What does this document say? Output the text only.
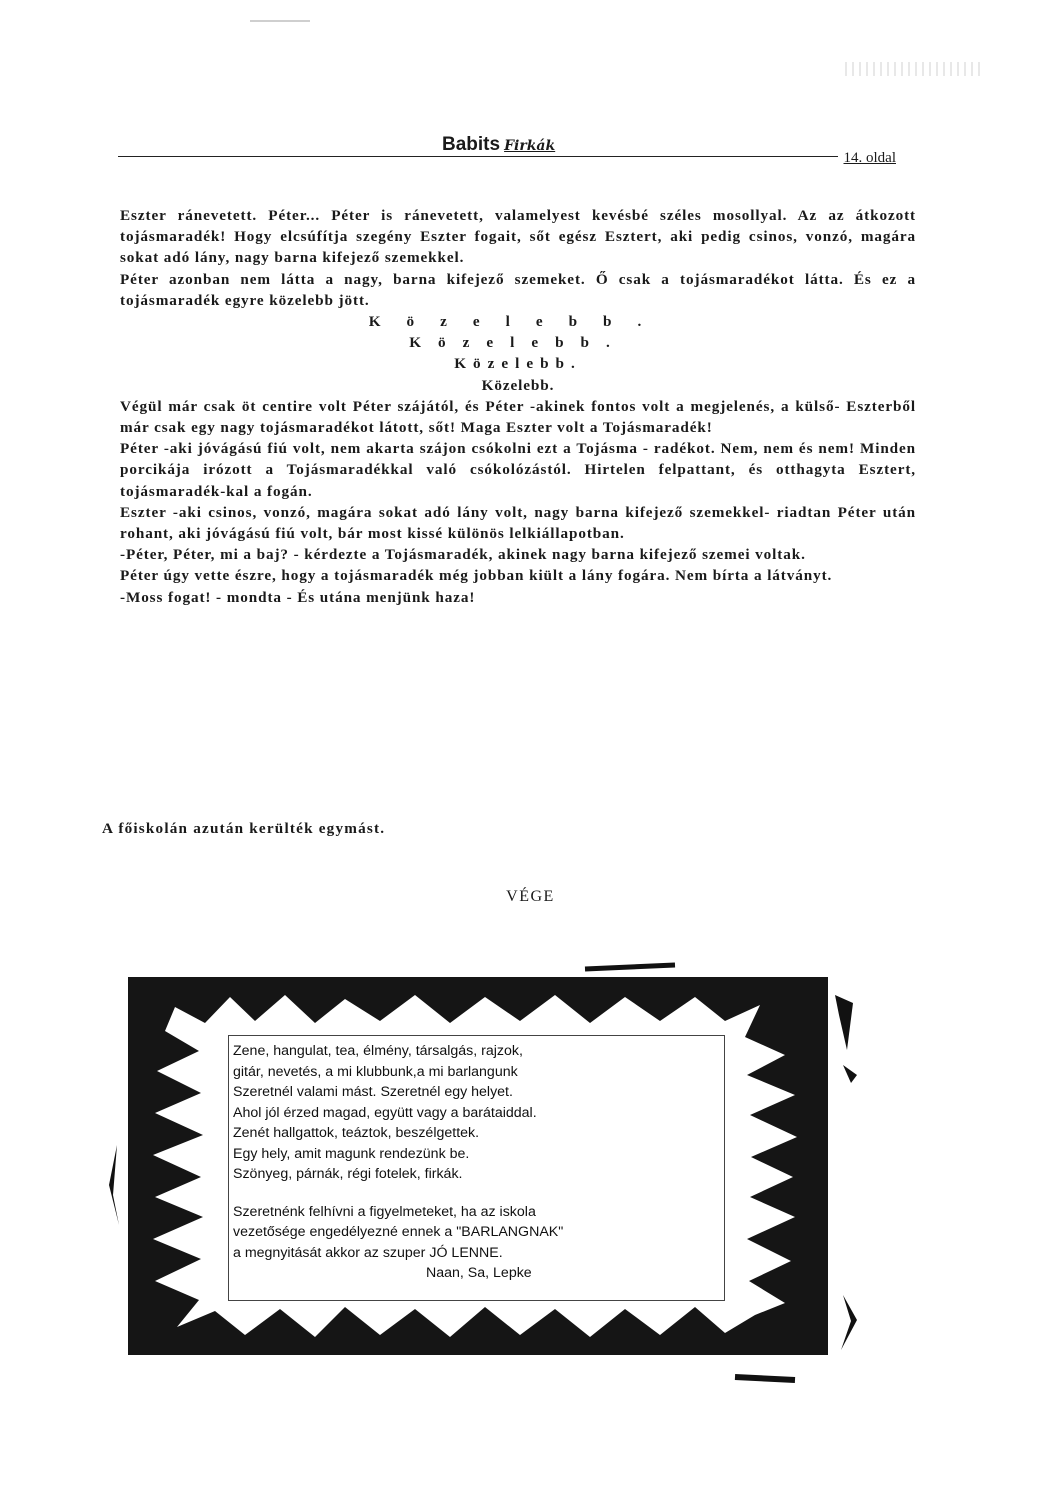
Babits Firkák
14. oldal

Eszter ránevetett. Péter... Péter is ránevetett, valamelyest kevésbé széles mosollyal. Az az átkozott tojásmaradék! Hogy elcsúfítja szegény Eszter fogait, sőt egész Esztert, aki pedig csinos, vonzó, magára sokat adó lány, nagy barna kifejező szemekkel.

Péter azonban nem látta a nagy, barna kifejező szemeket. Ő csak a tojásmaradékot látta. És ez a tojásmaradék egyre közelebb jött.

Közelebb.

Közelebb.

Közelebb.

Közelebb.

Végül már csak öt centire volt Péter szájától, és Péter -akinek fontos volt a megjelenés, a külső- Eszterből már csak egy nagy tojásmaradékot látott, sőt! Maga Eszter volt a Tojásmaradék!

Péter -aki jóvágású fiú volt, nem akarta szájon csókolni ezt a Tojásma - radékot. Nem, nem és nem! Minden porcikája irózott a Tojásmaradékkal való csókolózástól. Hirtelen felpattant, és otthagyta Esztert, tojásmaradék-kal a fogán.

Eszter -aki csinos, vonzó, magára sokat adó lány volt, nagy barna kifejező szemekkel- riadtan Péter után rohant, aki jóvágású fiú volt, bár most kissé különös lelkiállapotban.

-Péter, Péter, mi a baj? - kérdezte a Tojásmaradék, akinek nagy barna kifejező szemei voltak.

Péter úgy vette észre, hogy a tojásmaradék még jobban kiült a lány fogára. Nem bírta a látványt.

-Moss fogat! - mondta - És utána menjünk haza!

A főiskolán azután kerülték egymást.
VÉGE
Zene, hangulat, tea, élmény, társalgás, rajzok,
gitár, nevetés, a mi klubbunk,a mi barlangunk
Szeretnél valami mást. Szeretnél egy helyet.
Ahol jól érzed magad, együtt vagy a barátaiddal.
Zenét hallgattok, teáztok, beszélgettek.
Egy hely, amit magunk rendezünk be.
Szönyeg, párnák, régi fotelek, firkák.
Szeretnénk felhívni a figyelmeteket, ha az iskola
vezetősége engedélyezné ennek a "BARLANGNAK"
a megnyitását akkor az szuper JÓ LENNE.
Naan, Sa, Lepke
